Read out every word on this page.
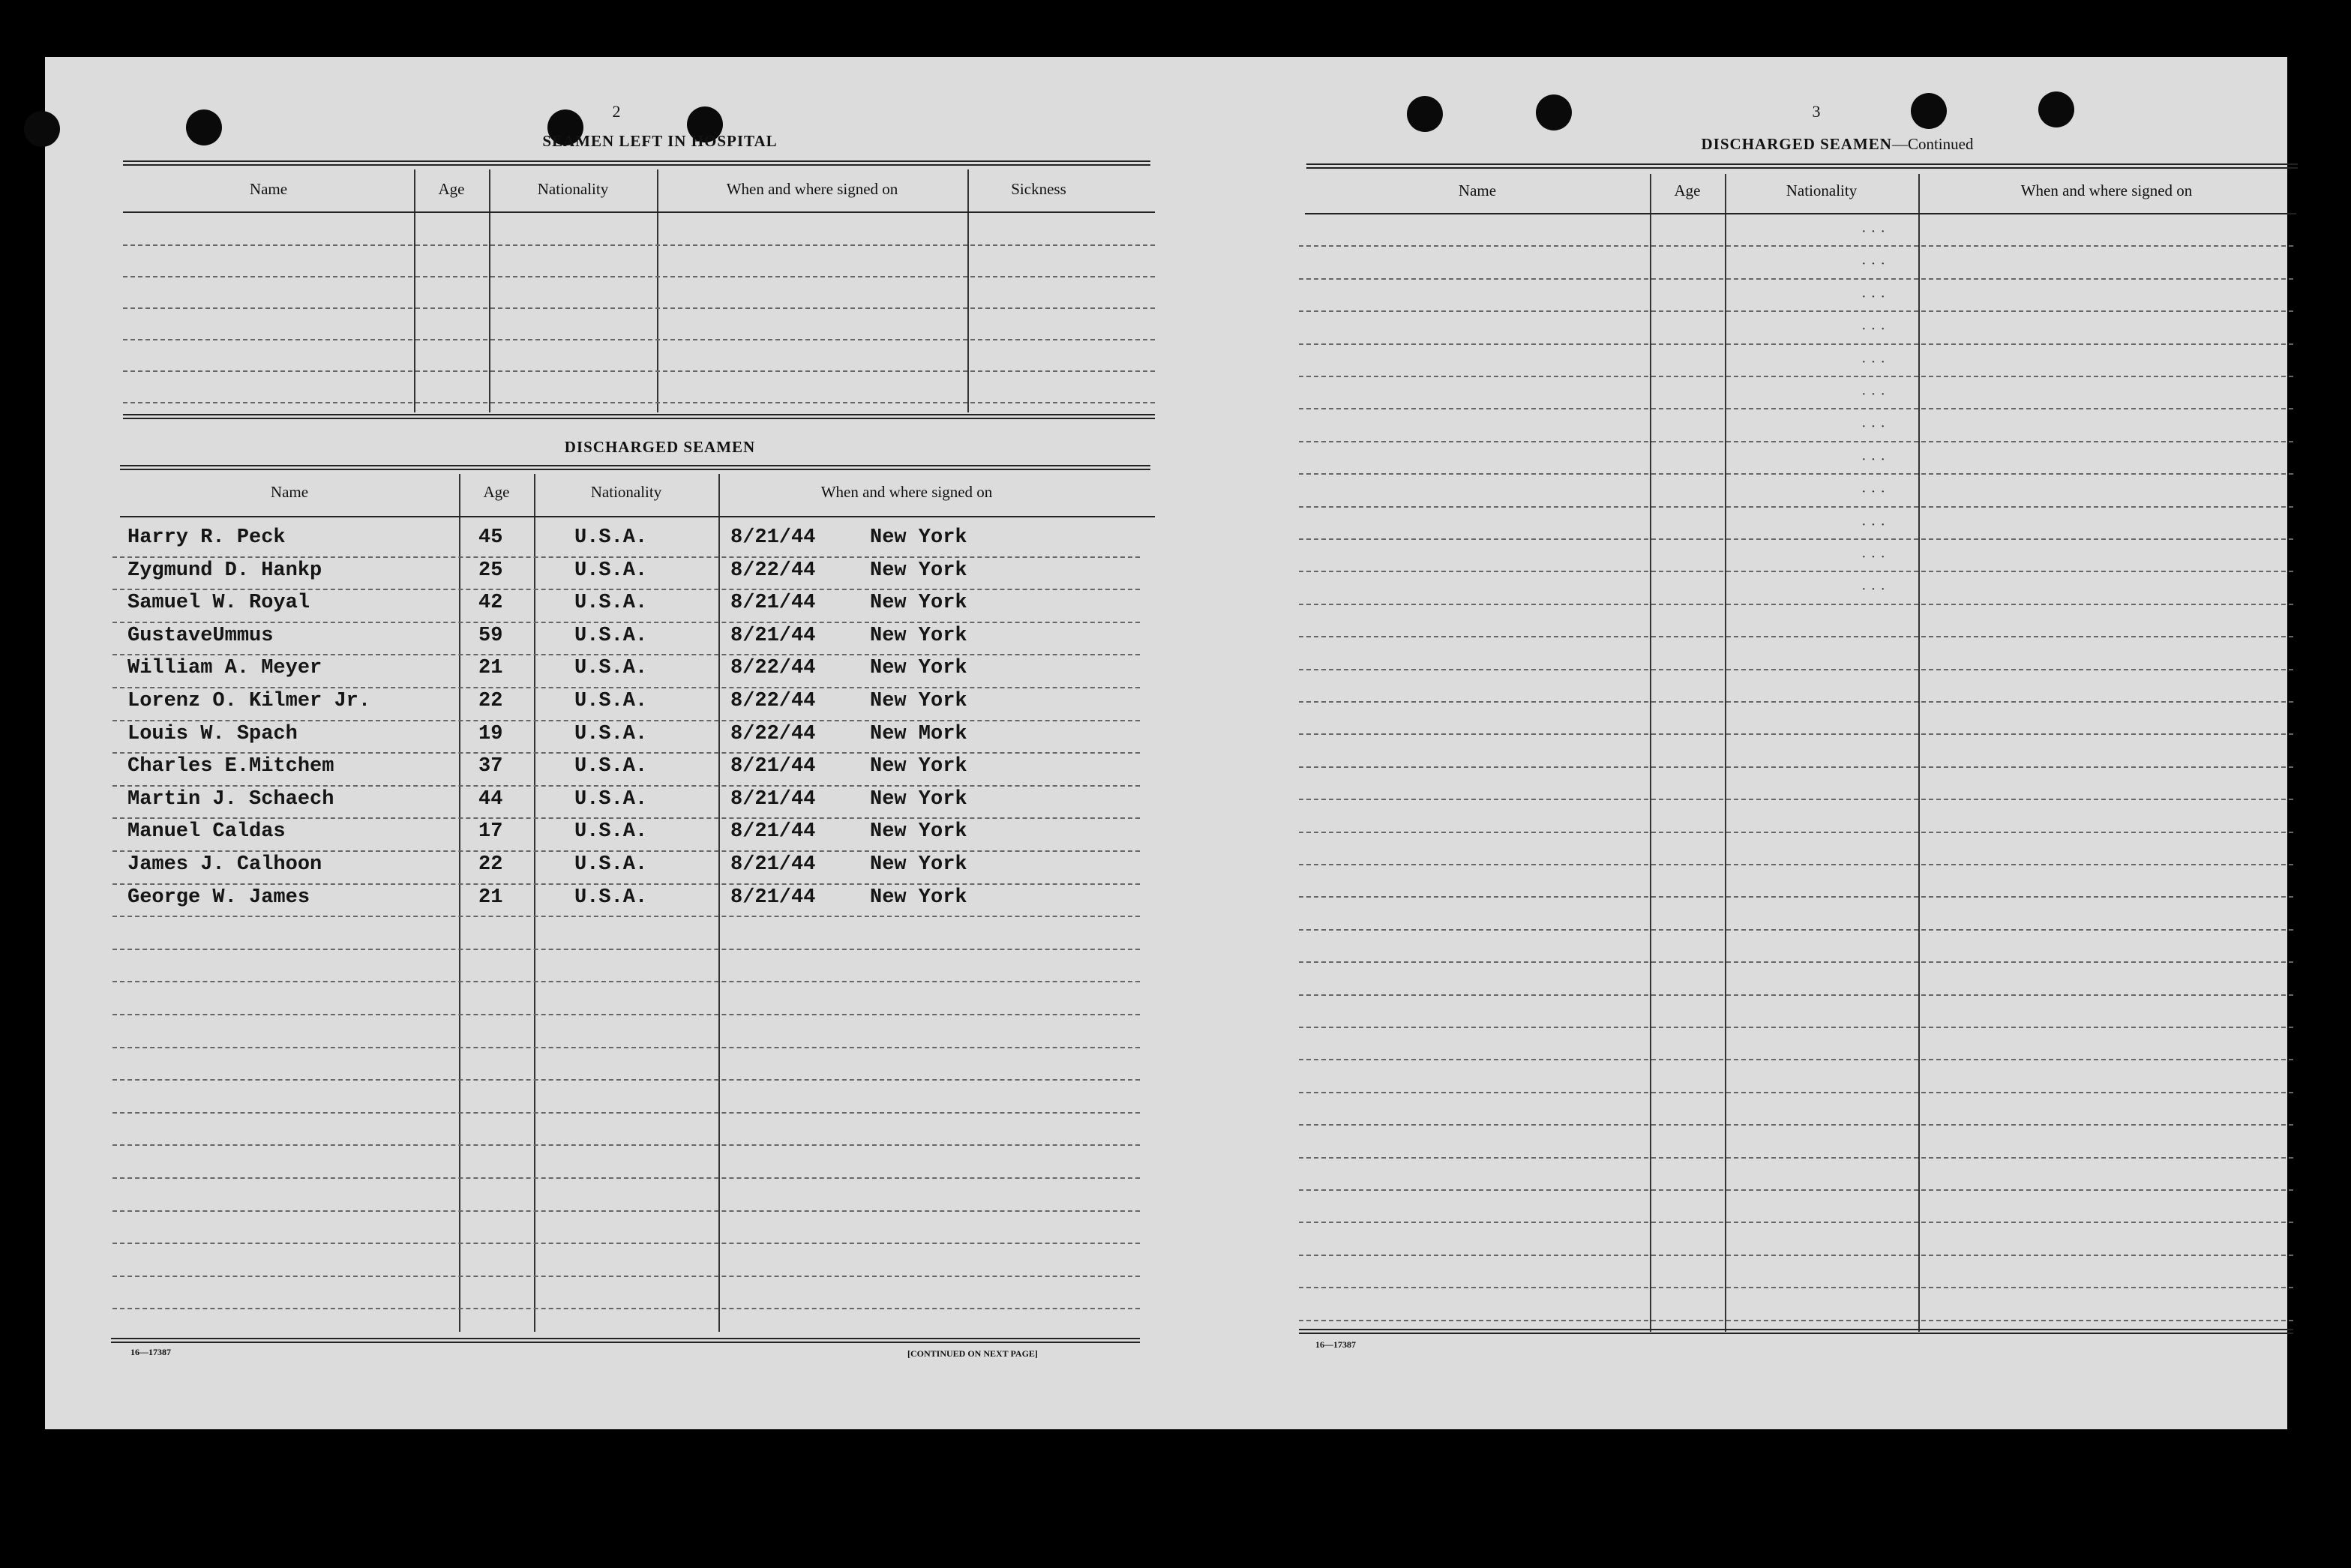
2
SEAMEN LEFT IN HOSPITAL
Name	Age	Nationality	When and where signed on	Sickness
DISCHARGED SEAMEN
Name	Age	Nationality	When and where signed on
Harry R. Peck	45	U.S.A.	8/21/44	New York
Zygmund D. Hankp	25	U.S.A.	8/22/44	New York
Samuel W. Royal	42	U.S.A.	8/21/44	New York
GustaveUmmus	59	U.S.A.	8/21/44	New York
William A. Meyer	21	U.S.A.	8/22/44	New York
Lorenz O. Kilmer Jr.	22	U.S.A.	8/22/44	New York
Louis W. Spach	19	U.S.A.	8/22/44	New Mork
Charles E.Mitchem	37	U.S.A.	8/21/44	New York
Martin J. Schaech	44	U.S.A.	8/21/44	New York
Manuel Caldas	17	U.S.A.	8/21/44	New York
James J. Calhoon	22	U.S.A.	8/21/44	New York
George W. James	21	U.S.A.	8/21/44	New York
16—17387	[CONTINUED ON NEXT PAGE]
3
DISCHARGED SEAMEN—Continued
Name	Age	Nationality	When and where signed on
···
···
···
···
···
···
···
···
···
···
···
···
16—17387
